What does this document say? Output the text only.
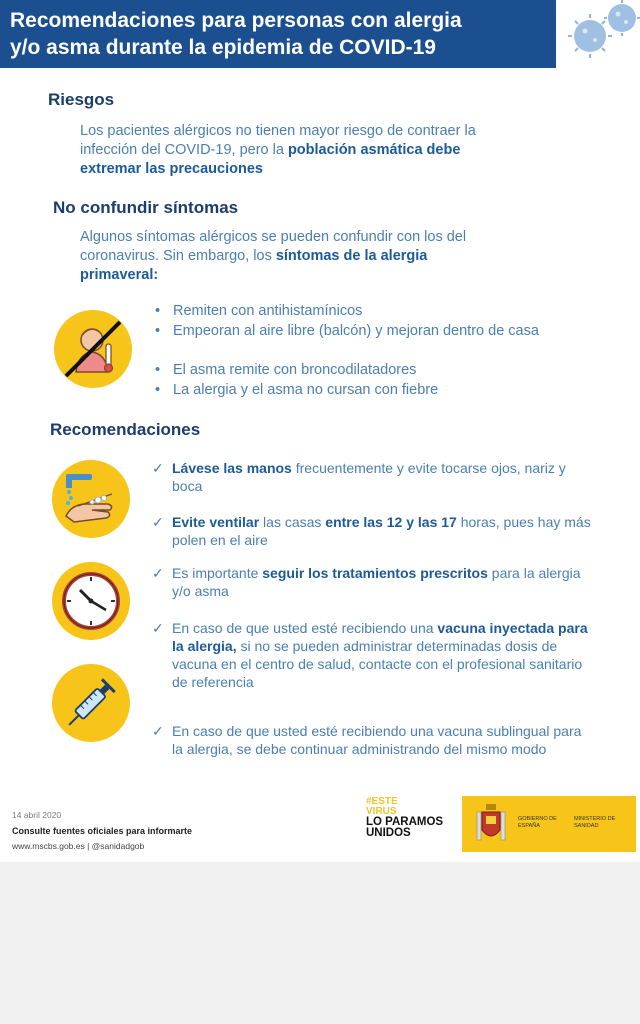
Recomendaciones para personas con alergia
y/o asma durante la epidemia de COVID-19
Riesgos
Los pacientes alérgicos no tienen mayor riesgo de contraer la
infección del COVID-19, pero la población asmática debe
extremar las precauciones
No confundir síntomas
Algunos síntomas alérgicos se pueden confundir con los del
coronavirus. Sin embargo, los síntomas de la alergia
primaveral:
• Remiten con antihistamínicos
• Empeoran al aire libre (balcón) y mejoran dentro de casa
• El asma remite con broncodilatadores
• La alergia y el asma no cursan con fiebre
Recomendaciones
✓ Lávese las manos frecuentemente y evite tocarse ojos, nariz y boca
✓ Evite ventilar las casas entre las 12 y las 17 horas, pues hay más polen en el aire
✓ Es importante seguir los tratamientos prescritos para la alergia y/o asma
✓ En caso de que usted esté recibiendo una vacuna inyectada para la alergia, si no se pueden administrar determinadas dosis de vacuna en el centro de salud, contacte con el profesional sanitario de referencia
✓ En caso de que usted esté recibiendo una vacuna sublingual para la alergia, se debe continuar administrando del mismo modo
14 abril 2020
Consulte fuentes oficiales para informarte
www.mscbs.gob.es | @sanidadgob
#ESTE VIRUS
LO PARAMOS UNIDOS
GOBIERNO DE ESPAÑA
MINISTERIO DE SANIDAD
